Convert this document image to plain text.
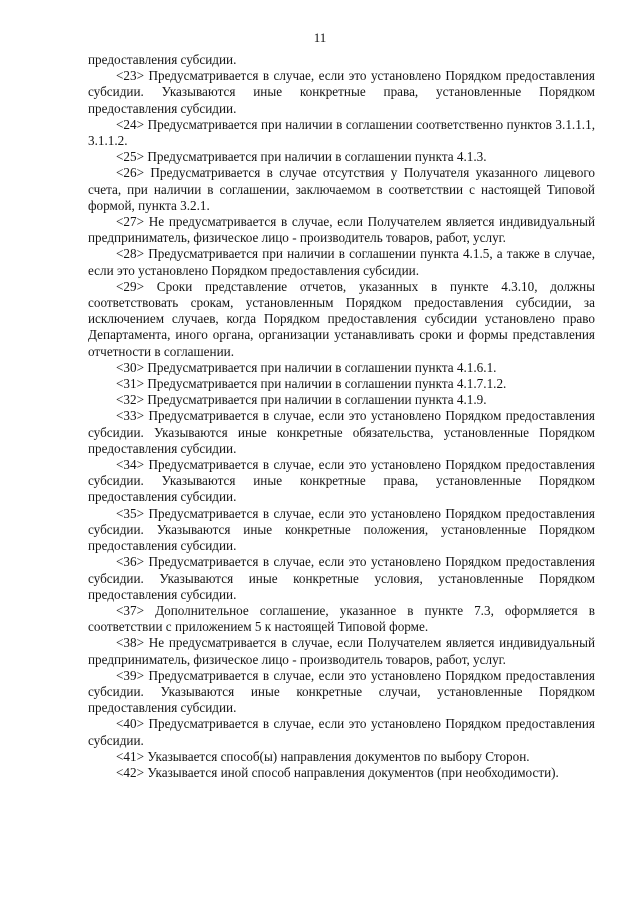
11

предоставления субсидии.

<23> Предусматривается в случае, если это установлено Порядком предоставления субсидии. Указываются иные конкретные права, установленные Порядком предоставления субсидии.

<24> Предусматривается при наличии в соглашении соответственно пунктов 3.1.1.1, 3.1.1.2.

<25> Предусматривается при наличии в соглашении пункта 4.1.3.

<26> Предусматривается в случае отсутствия у Получателя указанного лицевого счета, при наличии в соглашении, заключаемом в соответствии с настоящей Типовой формой, пункта 3.2.1.

<27> Не предусматривается в случае, если Получателем является индивидуальный предприниматель, физическое лицо - производитель товаров, работ, услуг.

<28> Предусматривается при наличии в соглашении пункта 4.1.5, а также в случае, если это установлено Порядком предоставления субсидии.

<29> Сроки представление отчетов, указанных в пункте 4.3.10, должны соответствовать срокам, установленным Порядком предоставления субсидии, за исключением случаев, когда Порядком предоставления субсидии установлено право Департамента, иного органа, организации устанавливать сроки и формы представления отчетности в соглашении.

<30> Предусматривается при наличии в соглашении пункта 4.1.6.1.

<31> Предусматривается при наличии в соглашении пункта 4.1.7.1.2.

<32> Предусматривается при наличии в соглашении пункта 4.1.9.

<33> Предусматривается в случае, если это установлено Порядком предоставления субсидии. Указываются иные конкретные обязательства, установленные Порядком предоставления субсидии.

<34> Предусматривается в случае, если это установлено Порядком предоставления субсидии. Указываются иные конкретные права, установленные Порядком предоставления субсидии.

<35> Предусматривается в случае, если это установлено Порядком предоставления субсидии. Указываются иные конкретные положения, установленные Порядком предоставления субсидии.

<36> Предусматривается в случае, если это установлено Порядком предоставления субсидии. Указываются иные конкретные условия, установленные Порядком предоставления субсидии.

<37> Дополнительное соглашение, указанное в пункте 7.3, оформляется в соответствии с приложением 5 к настоящей Типовой форме.

<38> Не предусматривается в случае, если Получателем является индивидуальный предприниматель, физическое лицо - производитель товаров, работ, услуг.

<39> Предусматривается в случае, если это установлено Порядком предоставления субсидии. Указываются иные конкретные случаи, установленные Порядком предоставления субсидии.

<40> Предусматривается в случае, если это установлено Порядком предоставления субсидии.

<41> Указывается способ(ы) направления документов по выбору Сторон.

<42> Указывается иной способ направления документов (при необходимости).
